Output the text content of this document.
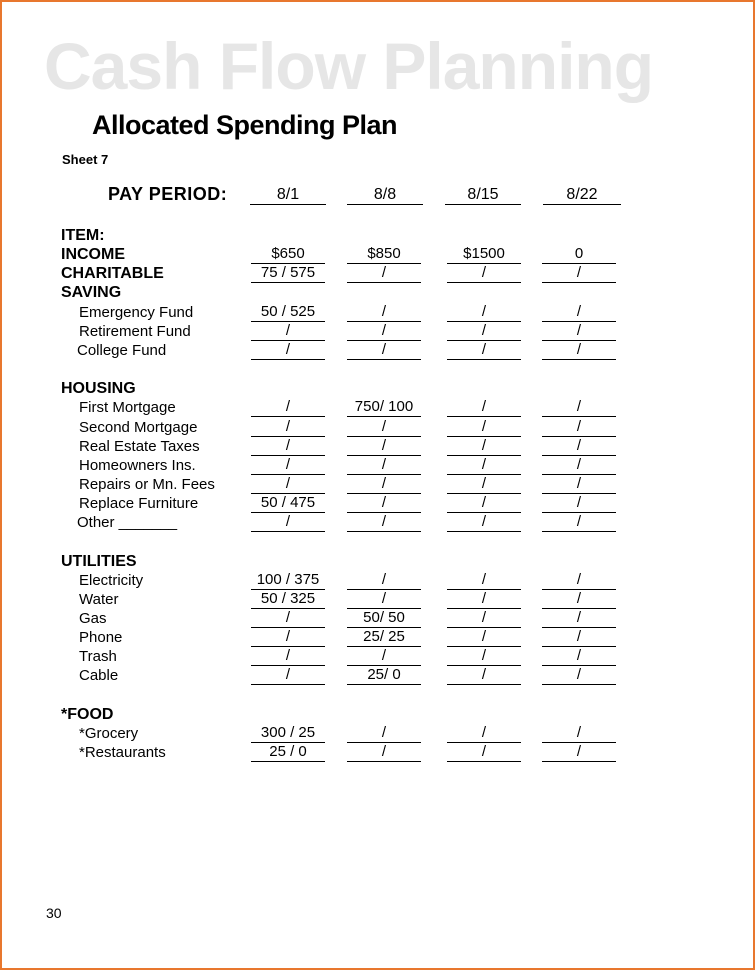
Cash Flow Planning
Allocated Spending Plan
Sheet 7
PAY PERIOD:	8/1	8/8	8/15	8/22
ITEM:
INCOME	$650	$850	$1500	0
CHARITABLE	75 / 575	/	/	/
SAVING
Emergency Fund	50 / 525	/	/	/
Retirement Fund	/	/	/	/
College Fund	/	/	/	/
HOUSING
First Mortgage	/	750/ 100	/	/
Second Mortgage	/	/	/	/
Real Estate Taxes	/	/	/	/
Homeowners Ins.	/	/	/	/
Repairs or Mn. Fees	/	/	/	/
Replace Furniture	50 / 475	/	/	/
Other _______	/	/	/	/
UTILITIES
Electricity	100 / 375	/	/	/
Water	50 / 325	/	/	/
Gas	/	50/ 50	/	/
Phone	/	25/ 25	/	/
Trash	/	/	/	/
Cable	/	25/ 0	/	/
*FOOD
*Grocery	300 / 25	/	/	/
*Restaurants	25 / 0	/	/	/
30
